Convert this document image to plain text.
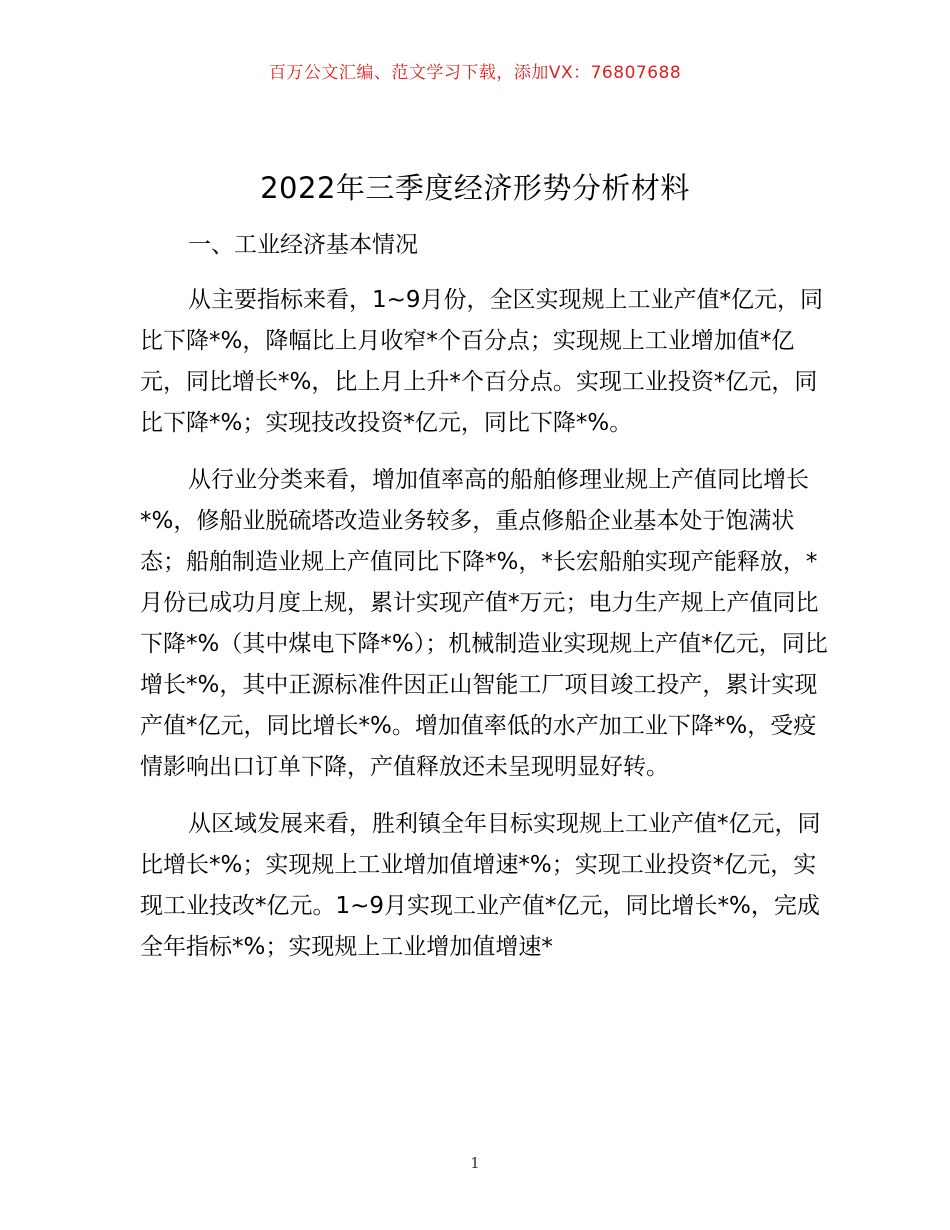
百万公文汇编、范文学习下载，添加VX：76807688
2022年三季度经济形势分析材料
一、工业经济基本情况

从主要指标来看，1~9月份，全区实现规上工业产值*亿元，同比下降*%，降幅比上月收窄*个百分点；实现规上工业增加值*亿元，同比增长*%，比上月上升*个百分点。实现工业投资*亿元，同比下降*%；实现技改投资*亿元，同比下降*%。

从行业分类来看，增加值率高的船舶修理业规上产值同比增长*%，修船业脱硫塔改造业务较多，重点修船企业基本处于饱满状态；船舶制造业规上产值同比下降*%，*长宏船舶实现产能释放，*月份已成功月度上规，累计实现产值*万元；电力生产规上产值同比下降*%（其中煤电下降*%）；机械制造业实现规上产值*亿元，同比增长*%，其中正源标准件因正山智能工厂项目竣工投产，累计实现产值*亿元，同比增长*%。增加值率低的水产加工业下降*%，受疫情影响出口订单下降，产值释放还未呈现明显好转。

从区域发展来看，胜利镇全年目标实现规上工业产值*亿元，同比增长*%；实现规上工业增加值增速*%；实现工业投资*亿元，实现工业技改*亿元。1~9月实现工业产值*亿元，同比增长*%，完成全年指标*%；实现规上工业增加值增速*

1
